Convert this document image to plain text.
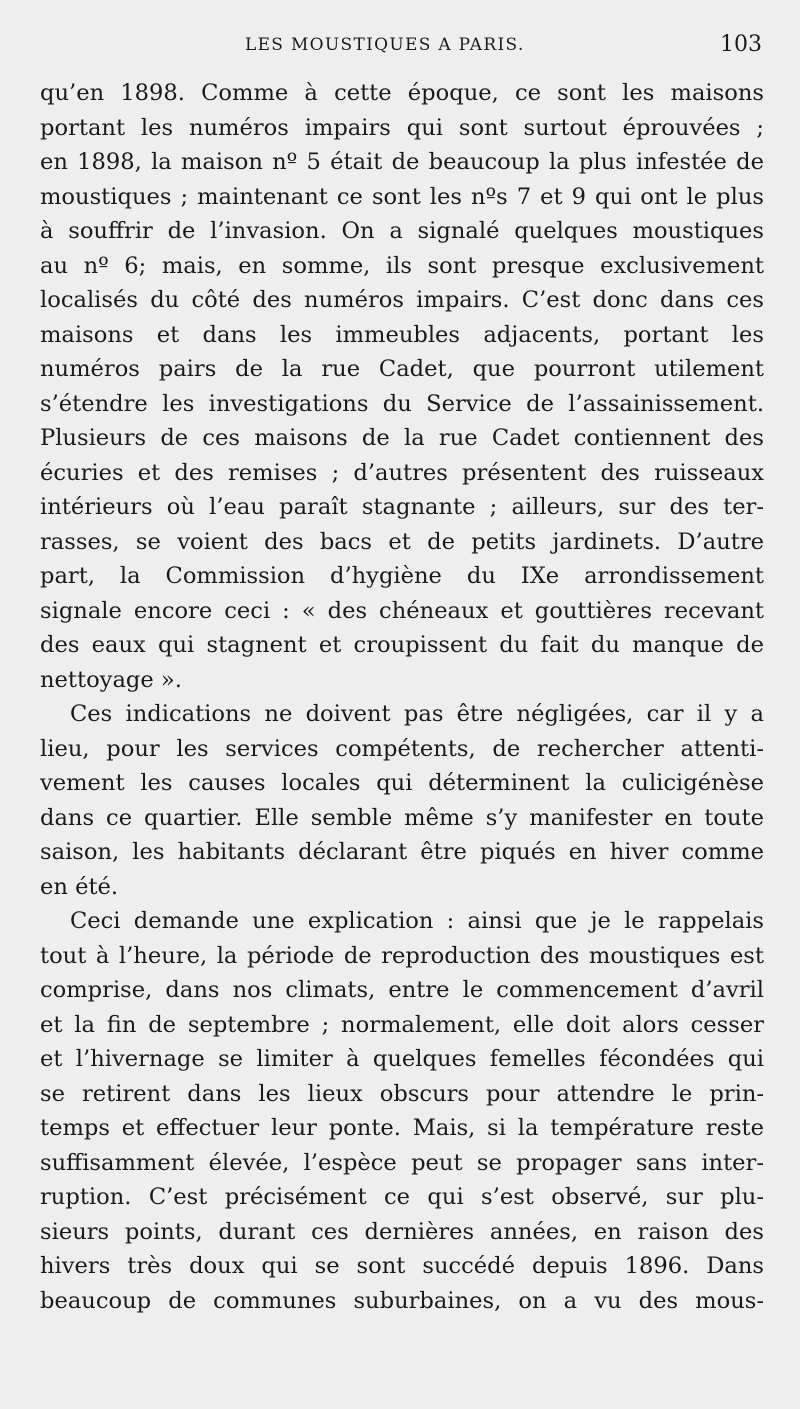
LES MOUSTIQUES A PARIS.	103
qu’en 1898. Comme à cette époque, ce sont les maisons
portant les numéros impairs qui sont surtout éprouvées ;
en 1898, la maison nº 5 était de beaucoup la plus infestée de
moustiques ; maintenant ce sont les nºs 7 et 9 qui ont le plus
à souffrir de l’invasion. On a signalé quelques moustiques
au nº 6; mais, en somme, ils sont presque exclusivement
localisés du côté des numéros impairs. C’est donc dans ces
maisons et dans les immeubles adjacents, portant les
numéros pairs de la rue Cadet, que pourront utilement
s’étendre les investigations du Service de l’assainissement.
Plusieurs de ces maisons de la rue Cadet contiennent des
écuries et des remises ; d’autres présentent des ruisseaux
intérieurs où l’eau paraît stagnante ; ailleurs, sur des ter-
rasses, se voient des bacs et de petits jardinets. D’autre
part, la Commission d’hygiène du IXe arrondissement
signale encore ceci : « des chéneaux et gouttières recevant
des eaux qui stagnent et croupissent du fait du manque de
nettoyage ».
Ces indications ne doivent pas être négligées, car il y a
lieu, pour les services compétents, de rechercher attenti-
vement les causes locales qui déterminent la culicigénèse
dans ce quartier. Elle semble même s’y manifester en toute
saison, les habitants déclarant être piqués en hiver comme
en été.
Ceci demande une explication : ainsi que je le rappelais
tout à l’heure, la période de reproduction des moustiques est
comprise, dans nos climats, entre le commencement d’avril
et la fin de septembre ; normalement, elle doit alors cesser
et l’hivernage se limiter à quelques femelles fécondées qui
se retirent dans les lieux obscurs pour attendre le prin-
temps et effectuer leur ponte. Mais, si la température reste
suffisamment élevée, l’espèce peut se propager sans inter-
ruption. C’est précisément ce qui s’est observé, sur plu-
sieurs points, durant ces dernières années, en raison des
hivers très doux qui se sont succédé depuis 1896. Dans
beaucoup de communes suburbaines, on a vu des mous-
